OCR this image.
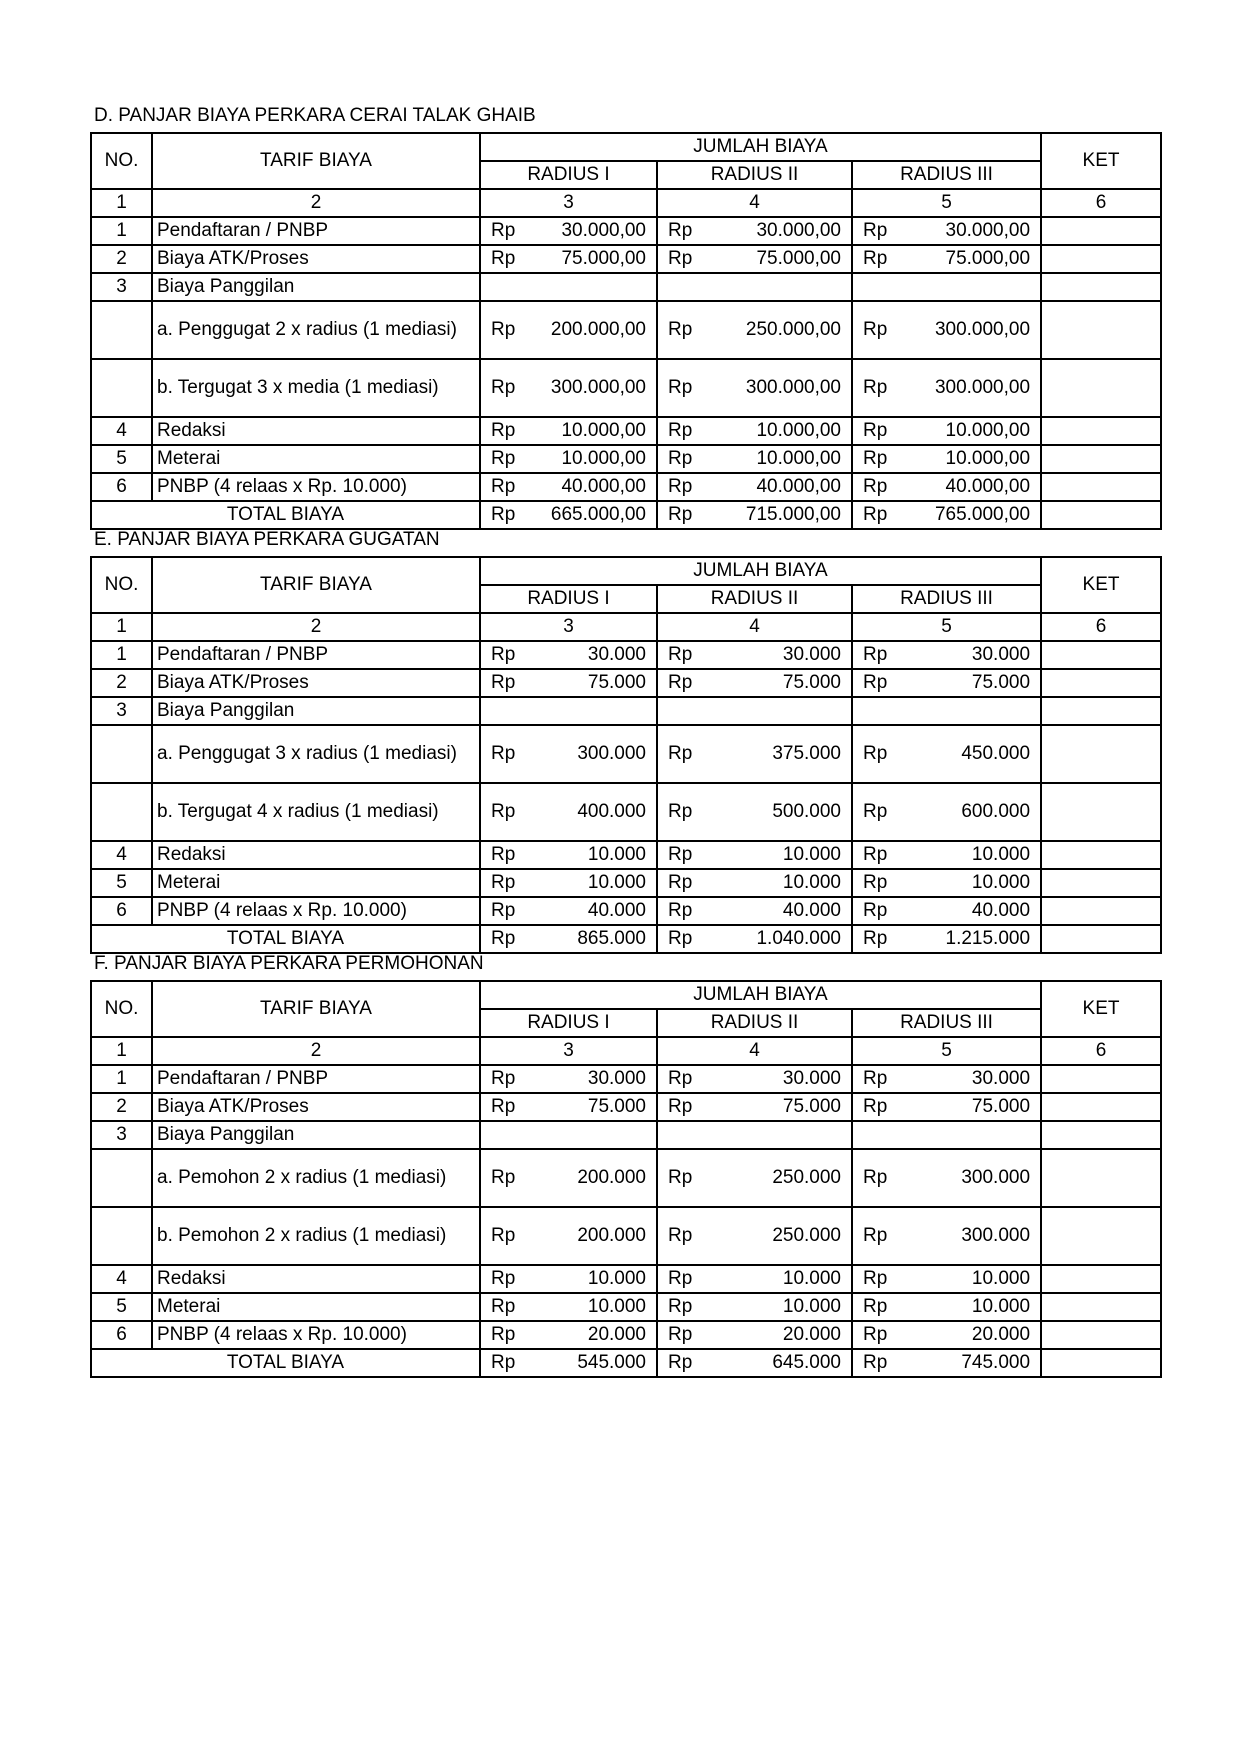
D. PANJAR BIAYA PERKARA CERAI TALAK GHAIB
NO.	TARIF BIAYA	JUMLAH BIAYA			KET
		RADIUS I	RADIUS II	RADIUS III	
1	2	3	4	5	6
1	Pendaftaran / PNBP	Rp 30.000,00	Rp 30.000,00	Rp 30.000,00	

2	Biaya ATK/Proses	Rp 75.000,00	Rp 75.000,00	Rp 75.000,00	

3	Biaya Panggilan				
	a. Penggugat 2 x radius (1 mediasi)	Rp 200.000,00	Rp 250.000,00	Rp 300.000,00	

	b. Tergugat 3 x media (1 mediasi)	Rp 300.000,00	Rp 300.000,00	Rp 300.000,00	

4	Redaksi	Rp 10.000,00	Rp 10.000,00	Rp 10.000,00	

5	Meterai	Rp 10.000,00	Rp 10.000,00	Rp 10.000,00	

6	PNBP (4 relaas x Rp. 10.000)	Rp 40.000,00	Rp 40.000,00	Rp 40.000,00	

TOTAL BIAYA		Rp 665.000,00	Rp 715.000,00	Rp 765.000,00	

E. PANJAR BIAYA PERKARA GUGATAN
NO.	TARIF BIAYA	JUMLAH BIAYA			KET
		RADIUS I	RADIUS II	RADIUS III	
1	2	3	4	5	6
1	Pendaftaran / PNBP	Rp 30.000	Rp 30.000	Rp 30.000	

2	Biaya ATK/Proses	Rp 75.000	Rp 75.000	Rp 75.000	

3	Biaya Panggilan				
	a. Penggugat 3 x radius (1 mediasi)	Rp 300.000	Rp 375.000	Rp 450.000	

	b. Tergugat 4 x radius (1 mediasi)	Rp 400.000	Rp 500.000	Rp 600.000	

4	Redaksi	Rp 10.000	Rp 10.000	Rp 10.000	

5	Meterai	Rp 10.000	Rp 10.000	Rp 10.000	

6	PNBP (4 relaas x Rp. 10.000)	Rp 40.000	Rp 40.000	Rp 40.000	

TOTAL BIAYA		Rp 865.000	Rp 1.040.000	Rp 1.215.000	

F. PANJAR BIAYA PERKARA PERMOHONAN
NO.	TARIF BIAYA	JUMLAH BIAYA			KET
		RADIUS I	RADIUS II	RADIUS III	
1	2	3	4	5	6
1	Pendaftaran / PNBP	Rp 30.000	Rp 30.000	Rp 30.000	

2	Biaya ATK/Proses	Rp 75.000	Rp 75.000	Rp 75.000	

3	Biaya Panggilan				
	a. Pemohon 2 x radius (1 mediasi)	Rp 200.000	Rp 250.000	Rp 300.000	

	b. Pemohon 2 x radius (1 mediasi)	Rp 200.000	Rp 250.000	Rp 300.000	

4	Redaksi	Rp 10.000	Rp 10.000	Rp 10.000	

5	Meterai	Rp 10.000	Rp 10.000	Rp 10.000	

6	PNBP (4 relaas x Rp. 10.000)	Rp 20.000	Rp 20.000	Rp 20.000	

TOTAL BIAYA		Rp 545.000	Rp 645.000	Rp 745.000	
